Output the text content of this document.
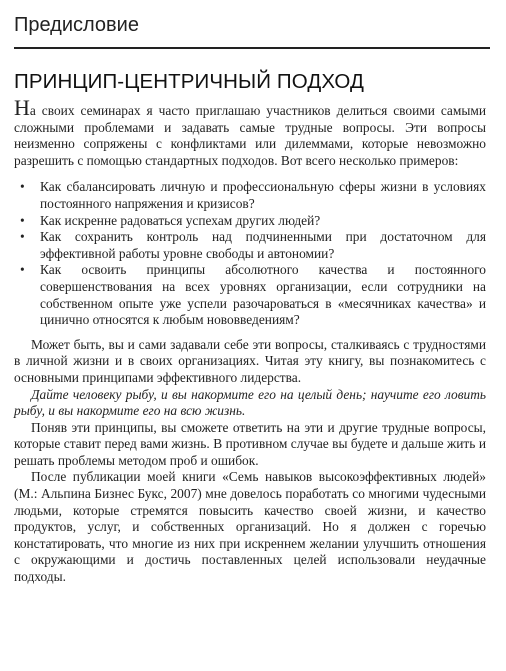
Предисловие
ПРИНЦИП-ЦЕНТРИЧНЫЙ ПОДХОД

На своих семинарах я часто приглашаю участников делиться своими самыми сложными проблемами и задавать самые трудные вопросы. Эти вопросы неизменно сопряжены с конфликтами или дилеммами, которые невозможно разрешить с помощью стандартных подходов. Вот всего несколько примеров:

• Как сбалансировать личную и профессиональную сферы жизни в условиях постоянного напряжения и кризисов?
• Как искренне радоваться успехам других людей?
• Как сохранить контроль над подчиненными при достаточном для эффективной работы уровне свободы и автономии?
• Как освоить принципы абсолютного качества и постоянного совершенствования на всех уровнях организации, если сотрудники на собственном опыте уже успели разочароваться в «месячниках качества» и цинично относятся к любым нововведениям?

Может быть, вы и сами задавали себе эти вопросы, сталкиваясь с трудностями в личной жизни и в своих организациях. Читая эту книгу, вы познакомитесь с основными принципами эффективного лидерства.

Дайте человеку рыбу, и вы накормите его на целый день; научите его ловить рыбу, и вы накормите его на всю жизнь.

Поняв эти принципы, вы сможете ответить на эти и другие трудные вопросы, которые ставит перед вами жизнь. В противном случае вы будете и дальше жить и решать проблемы методом проб и ошибок.

После публикации моей книги «Семь навыков высокоэффективных людей» (М.: Альпина Бизнес Букс, 2007) мне довелось поработать со многими чудесными людьми, которые стремятся повысить качество своей жизни, и качество продуктов, услуг, и собственных организаций. Но я должен с горечью констатировать, что многие из них при искреннем желании улучшить отношения с окружающими и достичь поставленных целей использовали неудачные подходы.
